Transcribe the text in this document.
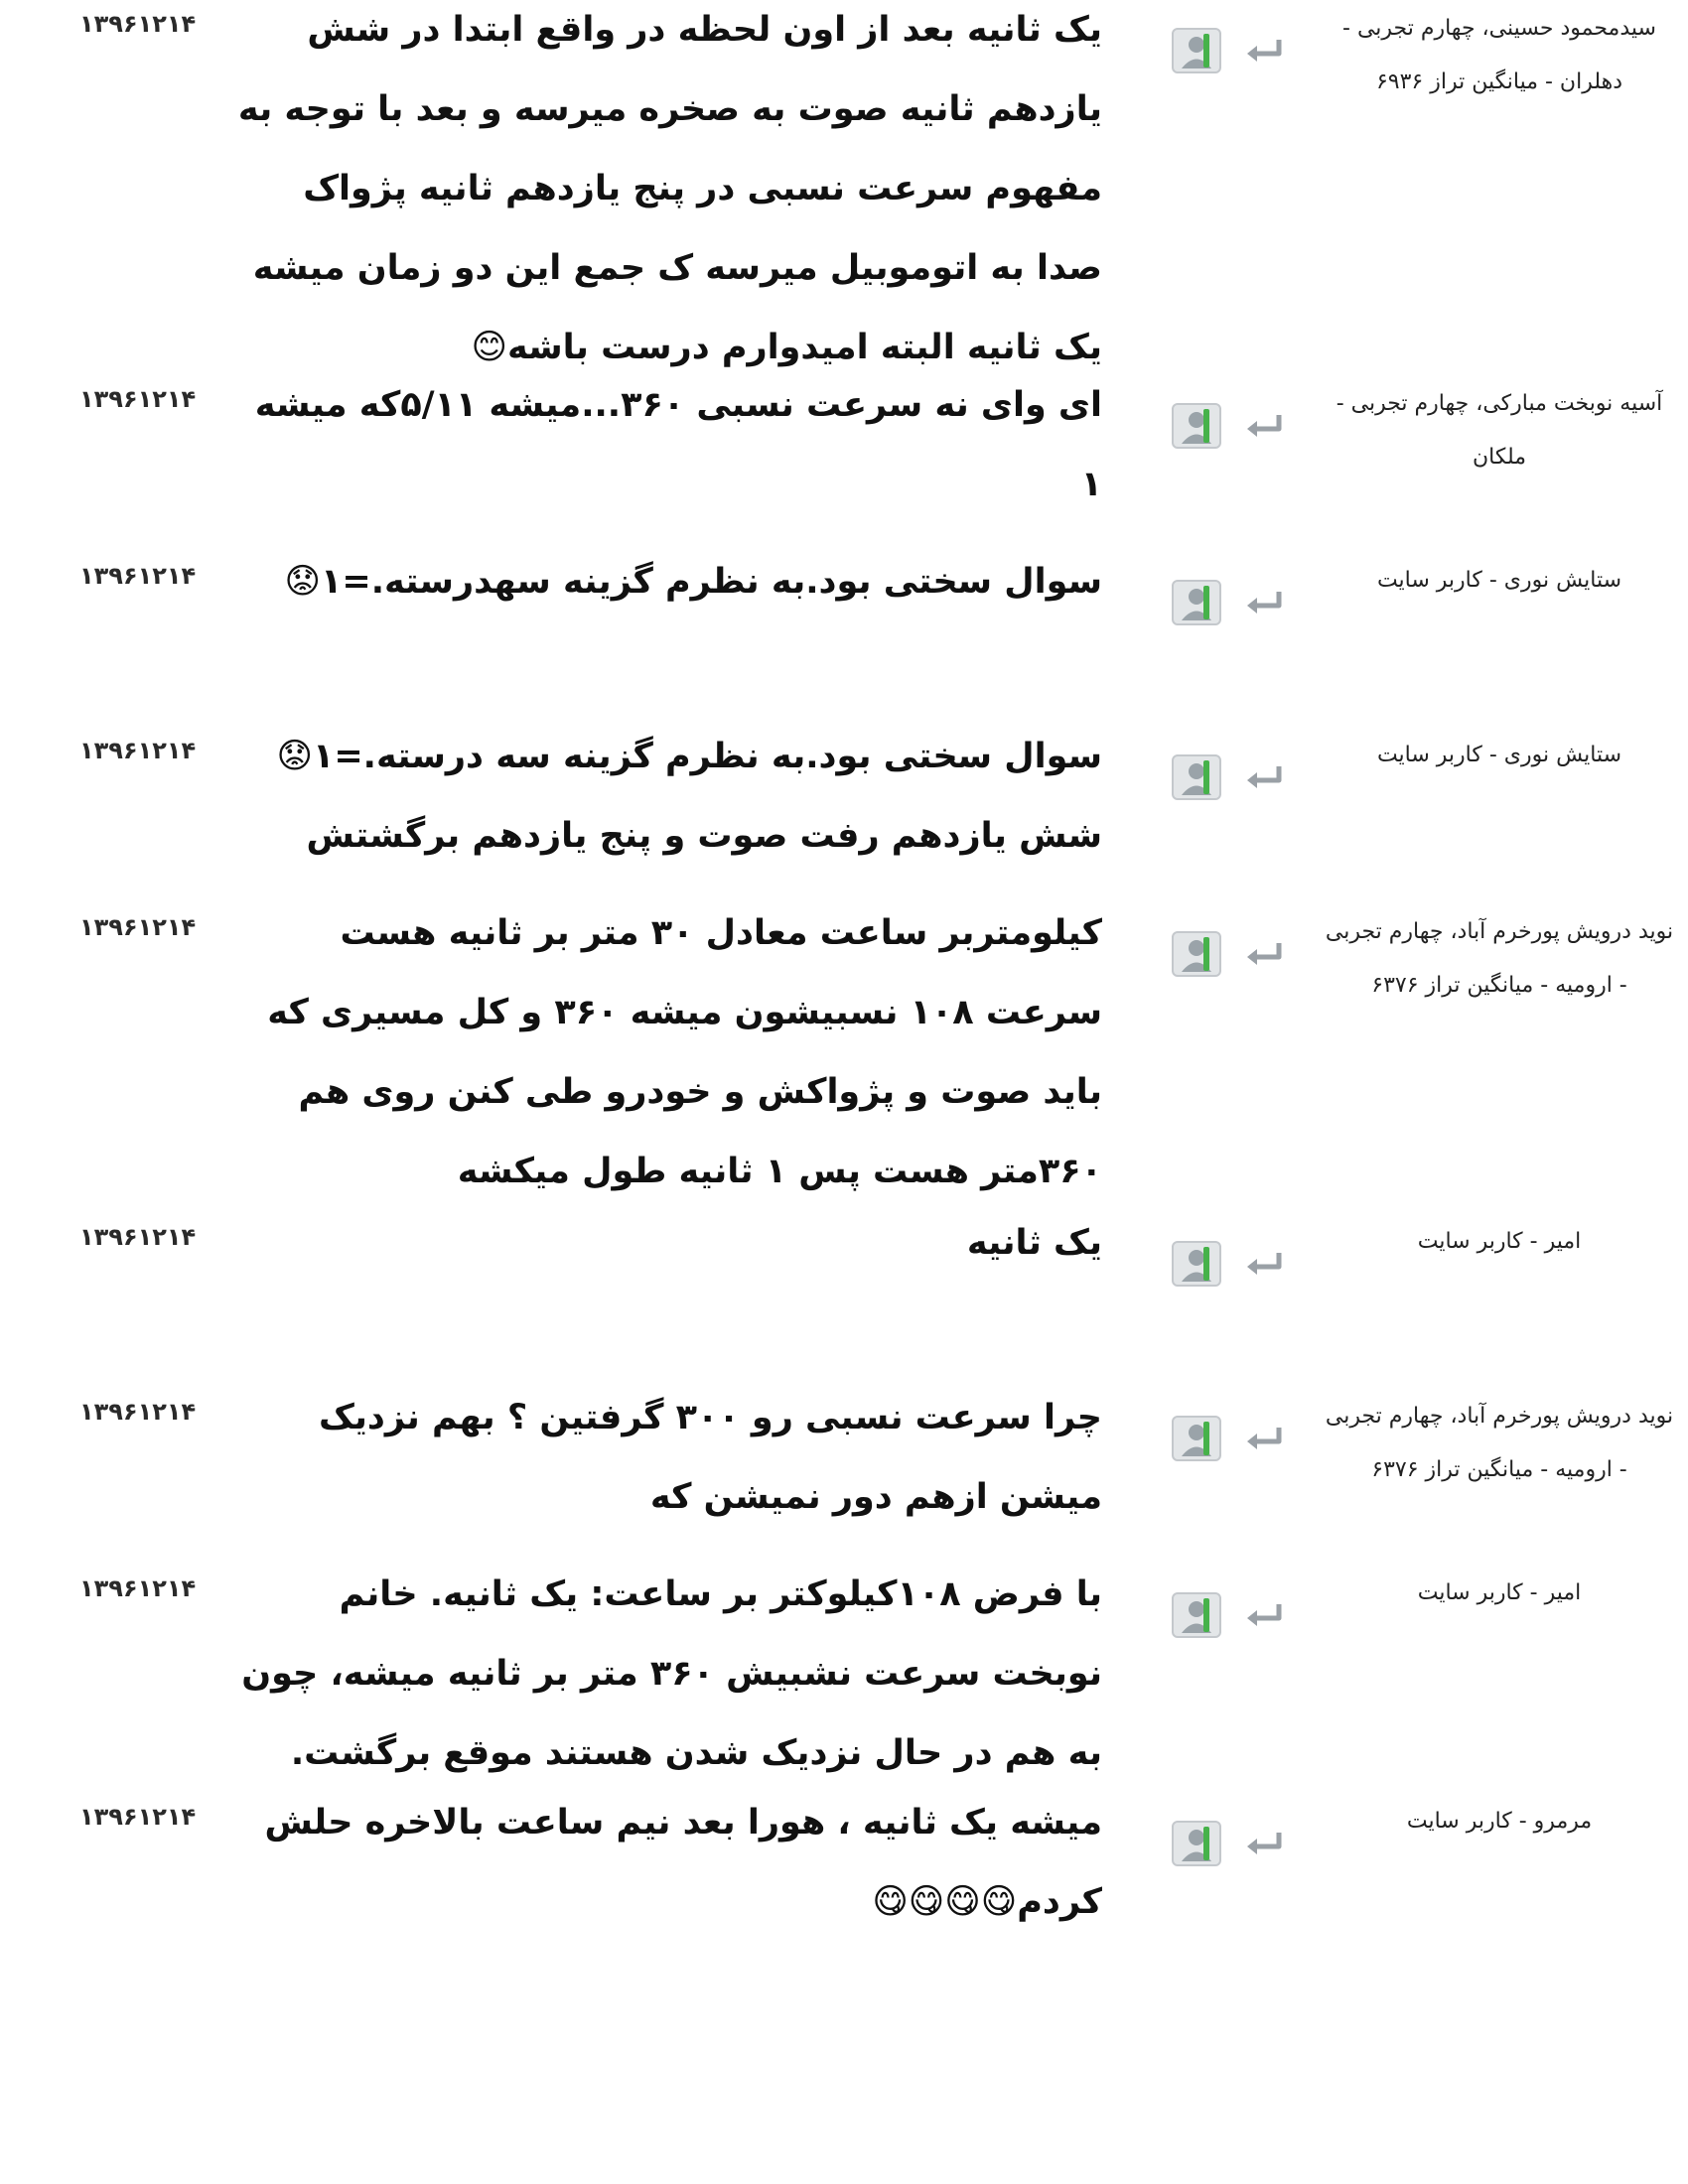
۱۳۹۶۱۲۱۴	یک ثانیه بعد از اون لحظه‌ در واقع ابتدا در شش یازدهم ثانیه صوت به صخره میرسه و بعد با توجه به مفهوم سرعت نسبی در پنج یازدهم ثانیه پژواک صدا به اتوموبیل میرسه ک جمع این دو زمان میشه یک ثانیه‌ البته امیدوارم درست باشه😊
سیدمحمود حسینی، چهارم تجربی - دهلران - میانگین تراز ۶۹۳۶
۱۳۹۶۱۲۱۴	ای وای نه سرعت نسبی ۳۶۰...میشه ۵/۱۱که میشه ۱
آسیه نوبخت مبارکی، چهارم تجربی - ملکان
۱۳۹۶۱۲۱۴	سوال سختی بود.به نظرم گزینه سهدرسته.=۱😟	ستایش نوری - کاربر سایت
۱۳۹۶۱۲۱۴	سوال سختی بود.به نظرم گزینه سه درسته.=۱😟شش یازدهم رفت صوت و پنج یازدهم برگشتش
ستایش نوری - کاربر سایت
۱۳۹۶۱۲۱۴	کیلومتربر ساعت معادل ۳۰ متر بر ثانیه هست سرعت ۱۰۸ نسبیشون میشه ۳۶۰ و کل مسیری که باید صوت و پژواکش و خودرو طی کنن روی هم ۳۶۰متر هست پس ۱ ثانیه طول میکشه
نوید درویش پورخرم آباد، چهارم تجربی - ارومیه - میانگین تراز ۶۳۷۶
۱۳۹۶۱۲۱۴	یک ثانیه	امیر - کاربر سایت
۱۳۹۶۱۲۱۴	چرا سرعت نسبی رو ۳۰۰ گرفتین ؟ بهم نزدیک میشن ازهم دور نمیشن که
نوید درویش پورخرم آباد، چهارم تجربی - ارومیه - میانگین تراز ۶۳۷۶
۱۳۹۶۱۲۱۴	با فرض ۱۰۸کیلوکتر بر ساعت: یک ثانیه. خانم نوبخت سرعت نشبیش ۳۶۰ متر بر ثانیه میشه، چون به هم در حال نزدیک شدن هستند موقع برگشت.
امیر - کاربر سایت
۱۳۹۶۱۲۱۴	میشه یک ثانیه ، هورا بعد نیم ساعت بالاخره حلش کردم😋😋😋😋
مرمرو - کاربر سایت
